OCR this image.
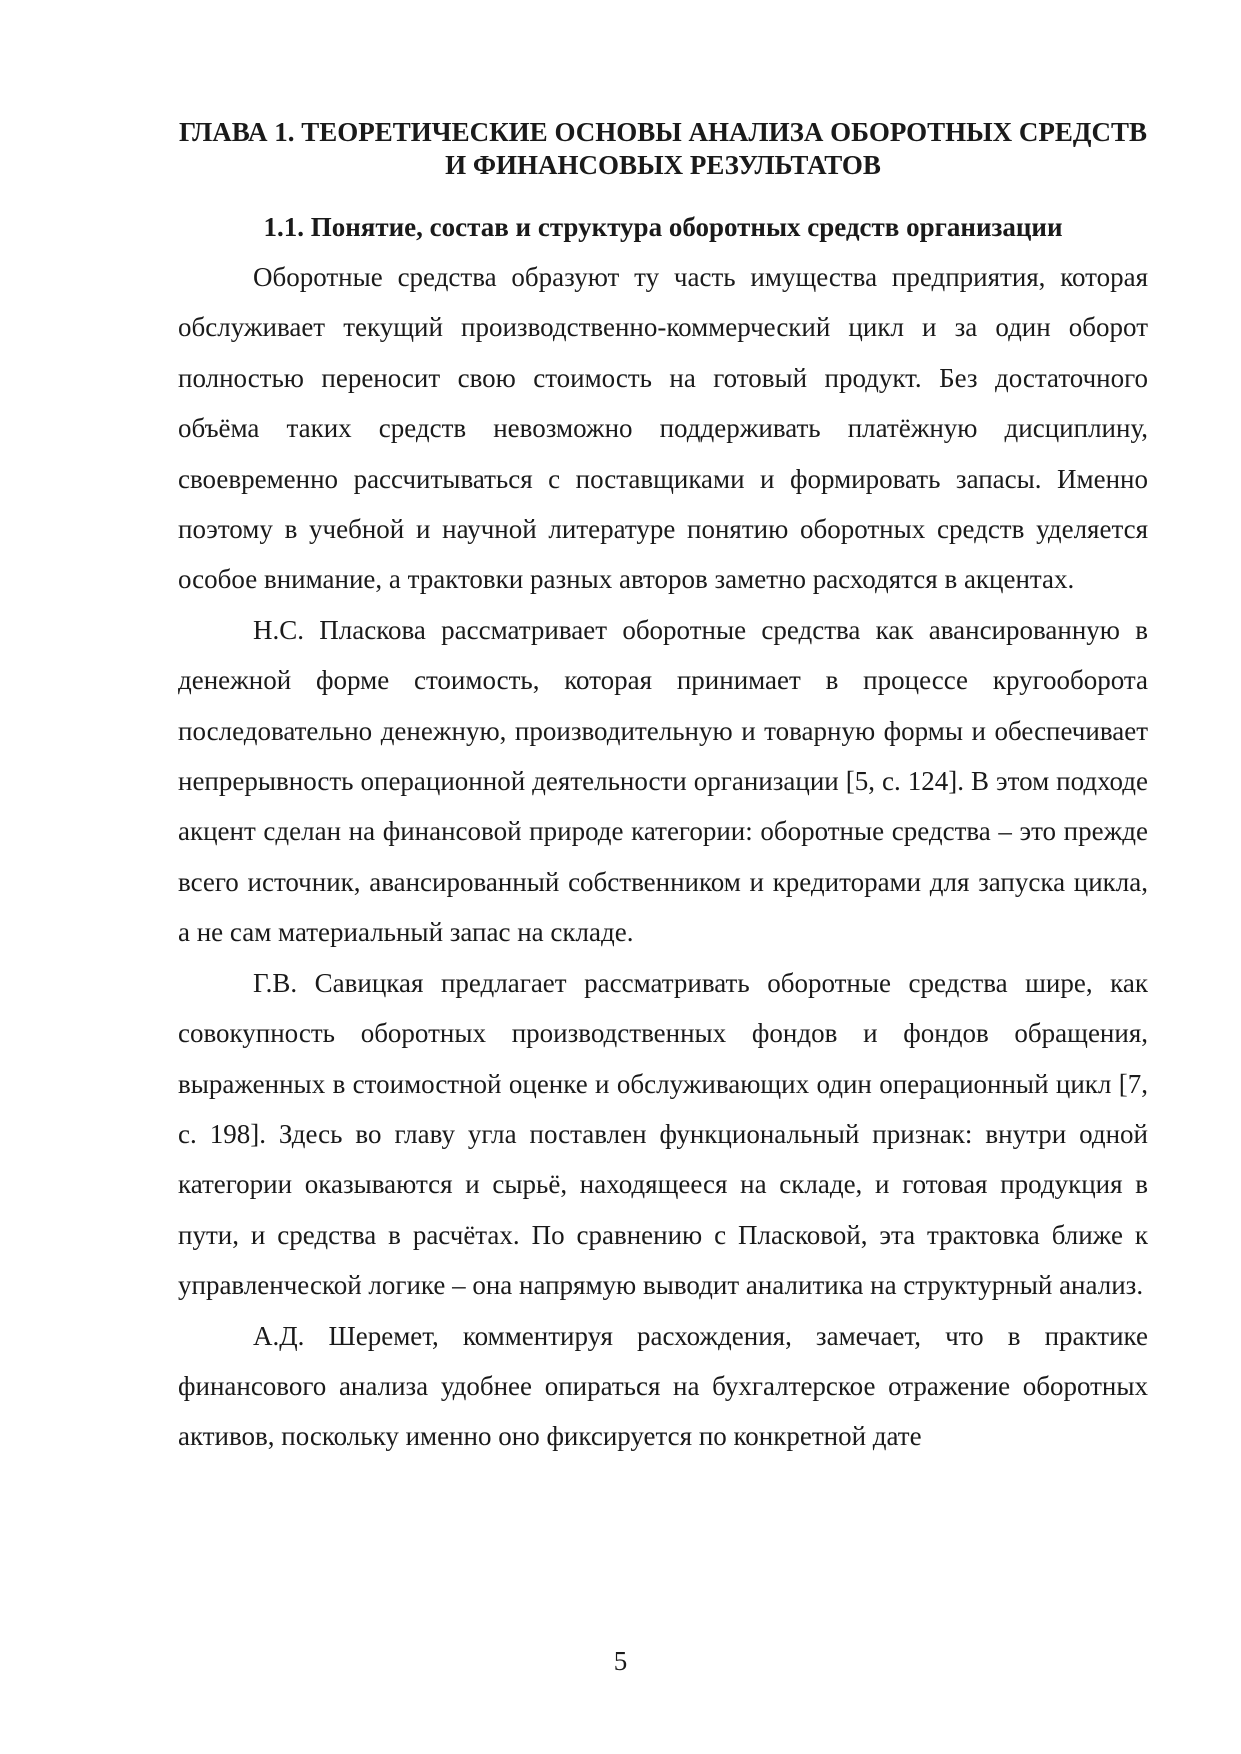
ГЛАВА 1. ТЕОРЕТИЧЕСКИЕ ОСНОВЫ АНАЛИЗА ОБОРОТНЫХ СРЕДСТВ И ФИНАНСОВЫХ РЕЗУЛЬТАТОВ
1.1. Понятие, состав и структура оборотных средств организации

Оборотные средства образуют ту часть имущества предприятия, которая обслуживает текущий производственно-коммерческий цикл и за один оборот полностью переносит свою стоимость на готовый продукт. Без достаточного объёма таких средств невозможно поддерживать платёжную дисциплину, своевременно рассчитываться с поставщиками и формировать запасы. Именно поэтому в учебной и научной литературе понятию оборотных средств уделяется особое внимание, а трактовки разных авторов заметно расходятся в акцентах.

Н.С. Пласкова рассматривает оборотные средства как авансированную в денежной форме стоимость, которая принимает в процессе кругооборота последовательно денежную, производительную и товарную формы и обеспечивает непрерывность операционной деятельности организации [5, с. 124]. В этом подходе акцент сделан на финансовой природе категории: оборотные средства – это прежде всего источник, авансированный собственником и кредиторами для запуска цикла, а не сам материальный запас на складе.

Г.В. Савицкая предлагает рассматривать оборотные средства шире, как совокупность оборотных производственных фондов и фондов обращения, выраженных в стоимостной оценке и обслуживающих один операционный цикл [7, с. 198]. Здесь во главу угла поставлен функциональный признак: внутри одной категории оказываются и сырьё, находящееся на складе, и готовая продукция в пути, и средства в расчётах. По сравнению с Пласковой, эта трактовка ближе к управленческой логике – она напрямую выводит аналитика на структурный анализ.

А.Д. Шеремет, комментируя расхождения, замечает, что в практике финансового анализа удобнее опираться на бухгалтерское отражение оборотных активов, поскольку именно оно фиксируется по конкретной дате

5
